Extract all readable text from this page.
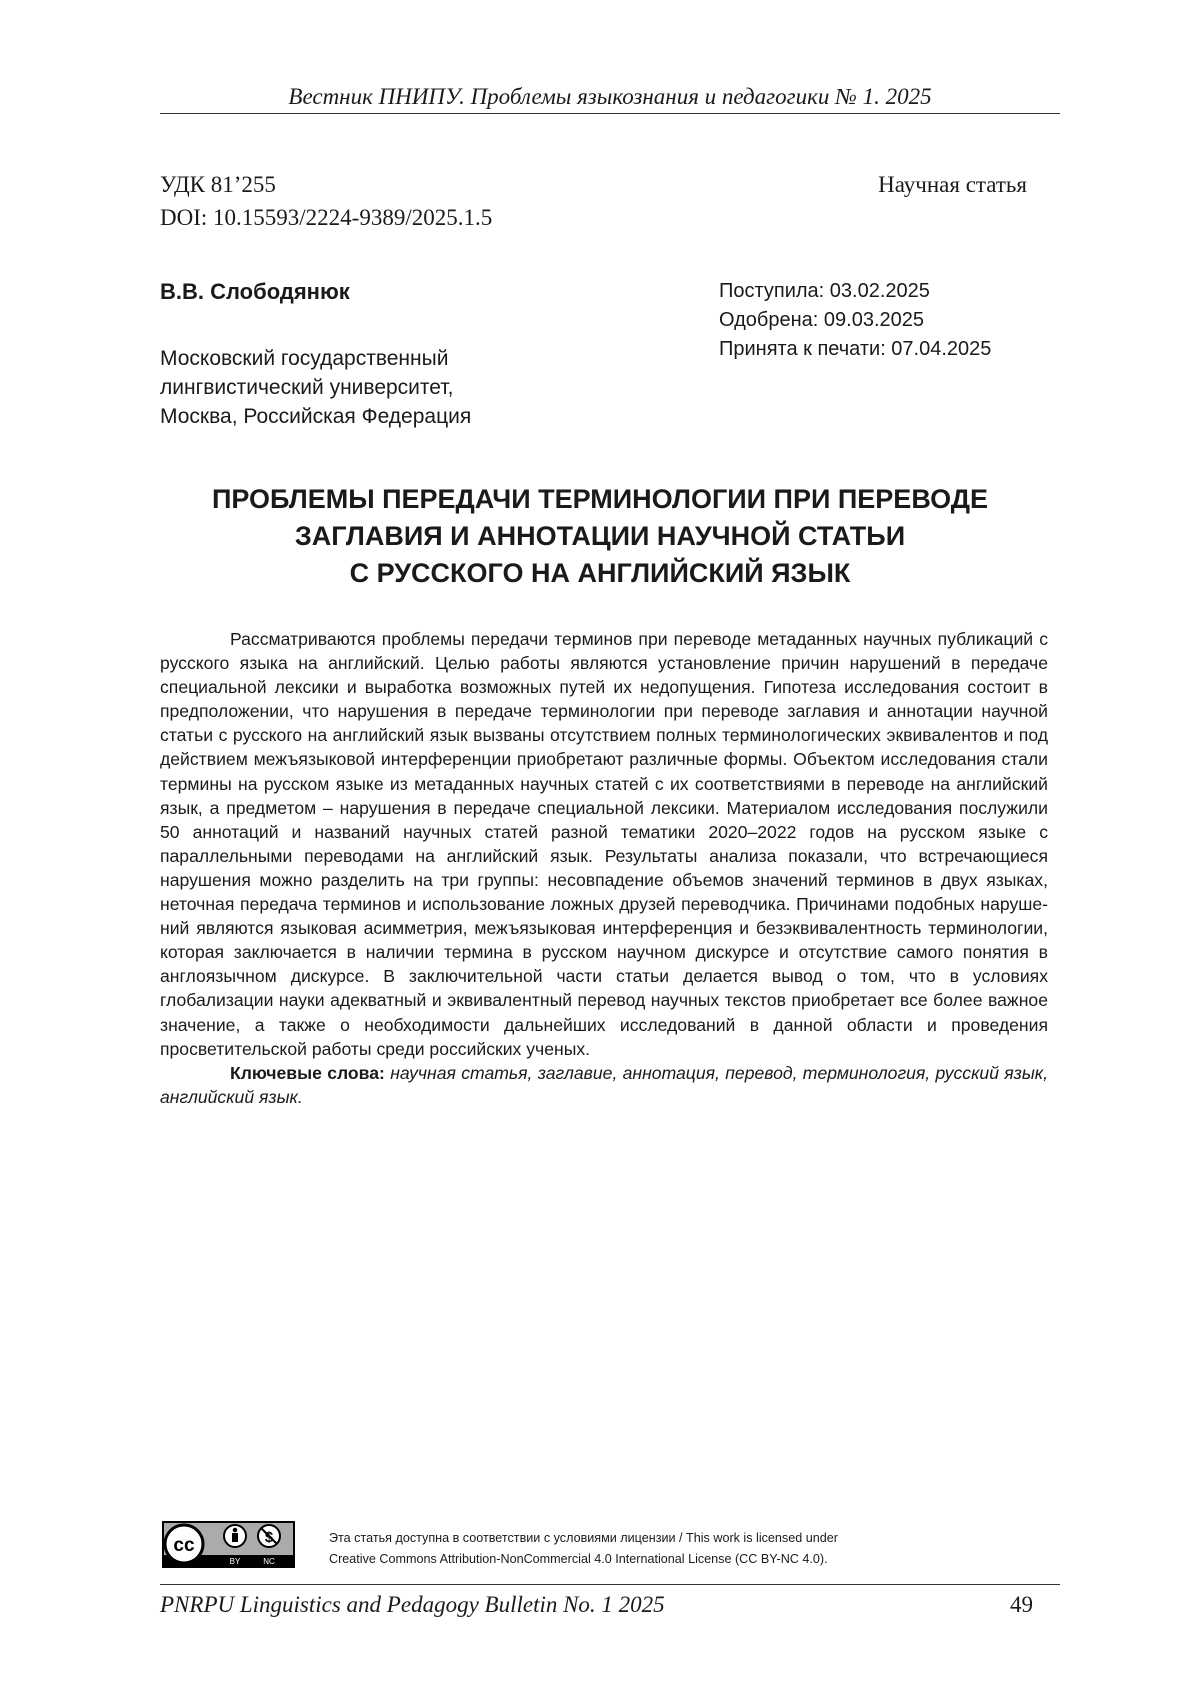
Вестник ПНИПУ. Проблемы языкознания и педагогики № 1. 2025
УДК 81’255
DOI: 10.15593/2224-9389/2025.1.5
Научная статья
В.В. Слободянюк
Московский государственный
лингвистический университет,
Москва, Российская Федерация
Поступила: 03.02.2025
Одобрена: 09.03.2025
Принята к печати: 07.04.2025
ПРОБЛЕМЫ ПЕРЕДАЧИ ТЕРМИНОЛОГИИ ПРИ ПЕРЕВОДЕ
ЗАГЛАВИЯ И АННОТАЦИИ НАУЧНОЙ СТАТЬИ
С РУССКОГО НА АНГЛИЙСКИЙ ЯЗЫК

Рассматриваются проблемы передачи терминов при переводе метаданных научных пуб­ликаций с русского языка на английский. Целью работы являются установление причин наруше­ний в передаче специальной лексики и выработка возможных путей их недопущения. Гипотеза исследования состоит в предположении, что нарушения в передаче терминологии при переводе заглавия и аннотации научной статьи с русского на английский язык вызваны отсутствием полных терминологических эквивалентов и под действием межъязыковой интерференции приобретают различные формы. Объектом исследования стали термины на русском языке из метаданных научных статей с их соответствиями в переводе на английский язык, а предметом – нарушения в передаче специальной лексики. Материалом исследования послужили 50 аннотаций и названий научных статей разной тематики 2020–2022 годов на русском языке с параллельными перевода­ми на английский язык. Результаты анализа показали, что встречающиеся нарушения можно разделить на три группы: несовпадение объемов значений терминов в двух языках, неточная передача терминов и использование ложных друзей переводчика. Причинами подобных наруше­ний являются языковая асимметрия, межъязыковая интерференция и безэквивалентность тер­минологии, которая заключается в наличии термина в русском научном дискурсе и отсутствие самого понятия в англоязычном дискурсе. В заключительной части статьи делается вывод о том, что в условиях глобализации науки адекватный и эквивалентный перевод научных текстов при­обретает все более важное значение, а также о необходимости дальнейших исследований в данной области и проведения просветительской работы среди российских ученых.

Ключевые слова: научная статья, заглавие, аннотация, перевод, терминология, рус­ский язык, английский язык.

cc	$
BY	NC
Эта статья доступна в соответствии с условиями лицензии / This work is licensed under
Creative Commons Attribution-NonCommercial 4.0 International License (CC BY-NC 4.0).
PNRPU Linguistics and Pedagogy Bulletin No. 1 2025	49
